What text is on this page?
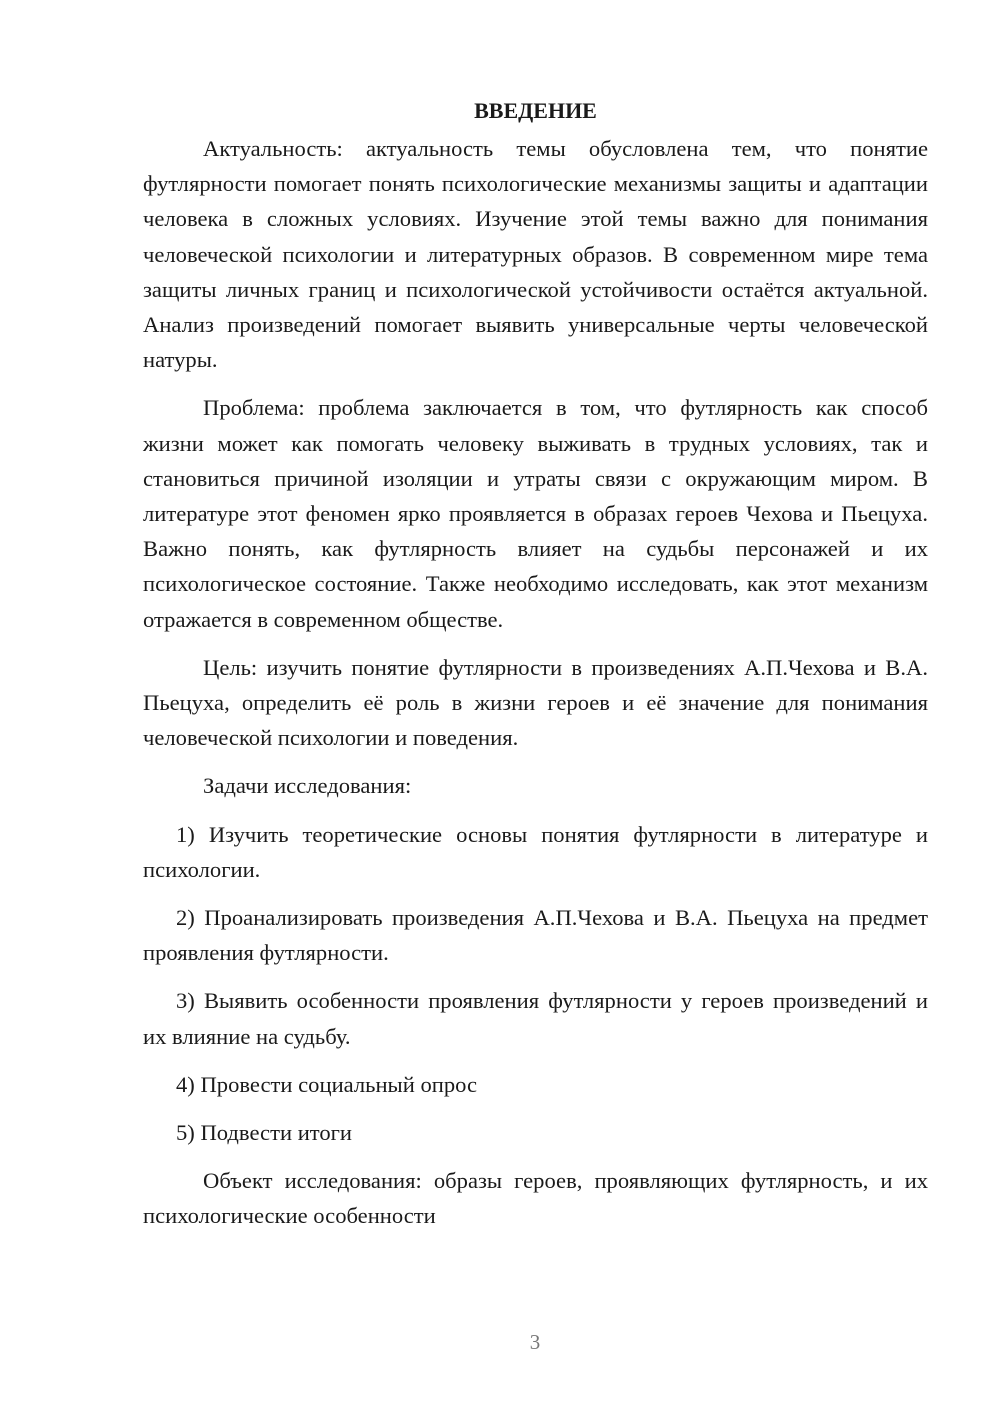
ВВЕДЕНИЕ

Актуальность: актуальность темы обусловлена тем, что понятие футлярности помогает понять психологические механизмы защиты и адаптации человека в сложных условиях. Изучение этой темы важно для понимания человеческой психологии и литературных образов. В современном мире тема защиты личных границ и психологической устойчивости остаётся актуальной. Анализ произведений помогает выявить универсальные черты человеческой натуры.

Проблема: проблема заключается в том, что футлярность как способ жизни может как помогать человеку выживать в трудных условиях, так и становиться причиной изоляции и утраты связи с окружающим миром. В литературе этот феномен ярко проявляется в образах героев Чехова и Пьецуха. Важно понять, как футлярность влияет на судьбы персонажей и их психологическое состояние. Также необходимо исследовать, как этот механизм отражается в современном обществе.

Цель: изучить понятие футлярности в произведениях А.П.Чехова и В.А. Пьецуха, определить её роль в жизни героев и её значение для понимания человеческой психологии и поведения.

Задачи исследования:

1) Изучить теоретические основы понятия футлярности в литературе и психологии.

2) Проанализировать произведения А.П.Чехова и В.А. Пьецуха на предмет проявления футлярности.

3) Выявить особенности проявления футлярности у героев произведений и их влияние на судьбу.

4) Провести социальный опрос

5) Подвести итоги

Объект исследования: образы героев, проявляющих футлярность, и их психологические особенности

3
